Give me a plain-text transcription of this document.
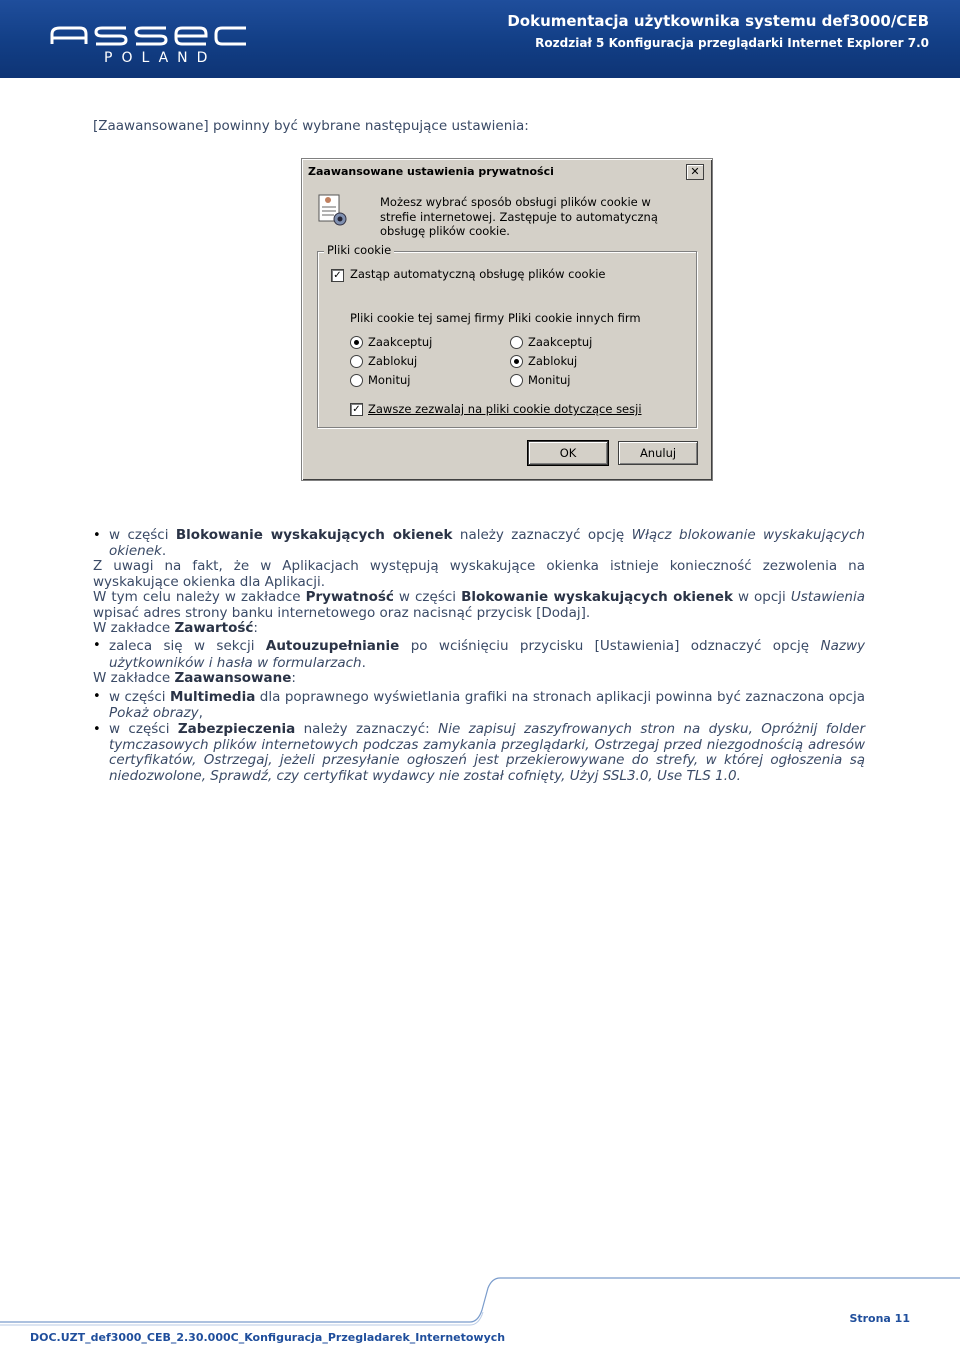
POLAND
Dokumentacja użytkownika systemu def3000/CEB
Rozdział 5 Konfiguracja przeglądarki Internet Explorer 7.0
[Zaawansowane] powinny być wybrane następujące ustawienia:
Zaawansowane ustawienia prywatności	✕
Możesz wybrać sposób obsługi plików cookie w strefie internetowej. Zastępuje to automatyczną obsługę plików cookie.
Pliki cookie
✓ Zastąp automatyczną obsługę plików cookie
Pliki cookie tej samej firmy Pliki cookie innych firm
Zaakceptuj
Zablokuj
Monituj
Zaakceptuj
Zablokuj
Monituj
✓ Zawsze zezwalaj na pliki cookie dotyczące sesji
OK	Anuluj
• w części Blokowanie wyskakujących okienek należy zaznaczyć opcję Włącz blokowanie wyskakujących okienek.
Z uwagi na fakt, że w Aplikacjach występują wyskakujące okienka istnieje konieczność zezwolenia na wyskakujące okienka dla Aplikacji.
W tym celu należy w zakładce Prywatność w części Blokowanie wyskakujących okienek w opcji Ustawienia wpisać adres strony banku internetowego oraz nacisnąć przycisk [Dodaj].
W zakładce Zawartość:
• zaleca się w sekcji Autouzupełnianie po wciśnięciu przycisku [Ustawienia] odznaczyć opcję Nazwy użytkowników i hasła w formularzach.
W zakładce Zaawansowane:
• w części Multimedia dla poprawnego wyświetlania grafiki na stronach aplikacji powinna być zaznaczona opcja Pokaż obrazy,
• w części Zabezpieczenia należy zaznaczyć: Nie zapisuj zaszyfrowanych stron na dysku, Opróżnij folder tymczasowych plików internetowych podczas zamykania przeglądarki, Ostrzegaj przed niezgodnością adresów certyfikatów, Ostrzegaj, jeżeli przesyłanie ogłoszeń jest przekierowywane do strefy, w której ogłoszenia są niedozwolone, Sprawdź, czy certyfikat wydawcy nie został cofnięty, Użyj SSL3.0, Use TLS 1.0.
Strona 11
DOC.UZT_def3000_CEB_2.30.000C_Konfiguracja_Przegladarek_Internetowych
